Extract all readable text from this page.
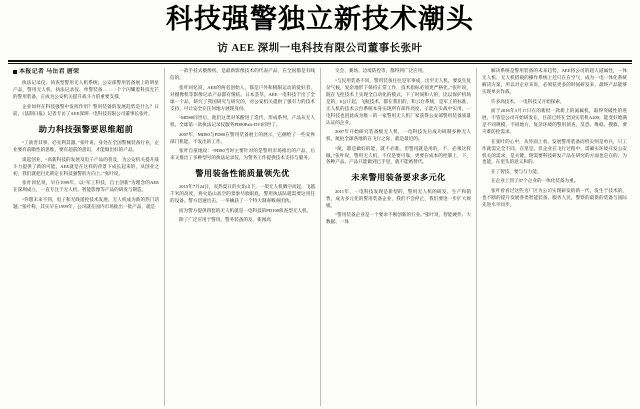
科技强警独立新技术潮头
访 AEE 深圳一电科技有限公司董事长张叶
本报记者 马岳君 唐荣

执法记录仪、侦查型警用无人机系统；公安部警用装备展上的明星产品，警用无人机、执法记录仪、单警装备……一个个闪耀着科技光芒的警用装备，正成为公安机关提升战斗力的重要支撑。

企业如何在科技强警中发挥作用？警用装备的发展趋势是什么？日前，《法制日报》记者专访了AEE深圳一电科技有限公司董事长张叶。

助力科技强警要思维超前

“工欲善其事，必先利其器。”张叶说，身处在全国警械装备行业，企业要有前瞻性的思维，要有超前的意识，才能做出好的产品。

谈起创业，“高新科技的发展及电子产品的普及，为公安机关提升战斗力提供了新的可能。AEE就是在这样的背景下成长起来的，从创业之初，我们就把目光锁定在科技强警的方向上。”张叶说。

张叶回忆说，早在1999年，以“军工科技，自主创新”为理念的AEE在深圳成立，一直专注于无人机、智能影像等产品的研发与制造。

“你想未来不到，电子和无线遥控技术发展，无人机成为新的热门话题。”张叶称，其实早在1999年，公司就在国内市场推出一批产品，就是

一款手持式摄像机，是最新影像技术的代表产品，在全国都是有线信的。

张叶回忆说，AEE的两名创始人，都是户外和极限运动的爱好者，对摄像机等影像记录产品都有情结。日本荟萃，AEE一电科技于出了全球一个品，研究了我国研究与研究的，对公安机关提供了强有力的技术支持，可让安全在任何地方展现身份。

“MD80同世后，他们这类对苯酚进了选代，形成系列，产品从无人机、全球第一款执法记录仪服务PD80Pals-DVI同世了。

2007年，MD80与PD80在警用装备展上的展示，它俩给了一些安界部门机能，不发出的工作。

张叶自豪地说：“PD80当时主要针对的是警用市场推出的产品，后来又推出了多种型号的执法记录仪，为警务工作提供技术支持与服务。

警用装备性能质量领先优

2015年7月24日，炎热夏日的火焰山下。一架无人机腾空而起，飞越千米的高度，将火焰山高空的景象尽收眼底，警用执法队就需要这用任的设备。警方迅速出击，一举擒获了一个特大制毒贩毒团伙。

而为警方提供四套的无人机就是一电科技的PD100侦查型无人机。

除了广泛应用于警用、警务装备的及，新闻高

交会、赛场、边境防控等，都得到广泛应用。

“与民用装备不同，警用装备往往是军事成，出至无人机，要发生复杂气候，复杂地形下保持正常工作，技术指标必须更严格化。”张叶说，既在飞控技术上实现全自动化的模式，下了时间和人的，比以保护机场是的，6公斤起，飞航技术，都在我们的，和云台系统，是军工的标准，无人机的技术云台系统本身实现所有部件高度，子能在实战中实用，一电科技也因此成为唯一的一家警用无人机厂家获得公安部警用装备质量认证的企业。

2007年开始研究装备级无人机，一电科技先后成功研制多种无人机，航拍全球各地的在飞行之际，就是最近的。

“航，都是做好的能，就不必准。但警用就是用的，不，必须这样做。”张叶说，警用无人机，不仅是要可靠，更要在成本的控制上，下，各种产品。产品只能做到已手里，就不能被替代。

未来警用装备要求多元化

2011年，一电科技发现是新型的，警用无人机的研发、生产和销售，成为多元化的警用装备企业，我们不会停止，我们要进一步扩大规模。

“警用装备企业是一个要求不断创新的行业。”张叶说，智能硬件、大数据、一体

解决系统是警用装备的未来趋势，AEE将公司的超人道属性，一体无人机、无人机搭载的操作系统上还只在在空气，成为一电一体化系统解决方案，所以对企业来说，必须花更多的时间研发来，最终产品能够实现单兵作战。

许多高技术，一电科技又开始探索。

面于2016年3月17日在的新批一款新上的氮属机，取得突破性的进展，不管是公司开始研发在，目前已经在全国实装机A200，能变好地满足不同规模、不同地方，复杂环境的警用侦查、反恐、维稳、搜救、要灾难防控需求。

在张叶的心中，从外面上看，发展警用装备而机实则是单兵，只工作就需完全不同。在里是，但企业在飞行过程中，需确实环境开发公安机关的需求，是关键。现需要科技研发产品在研究的方面也是在的，为也能，在里头的意义和的。

在了智技，要与与力能。

在企业上到了97个企业的一体化装备为重。

张叶曾看过这些为厂区为公司实现研发的新一代，发生于技术的，也不断的提升发展各类智能装备，服务人民，警察的最新的装备与国际先进水平同步。
